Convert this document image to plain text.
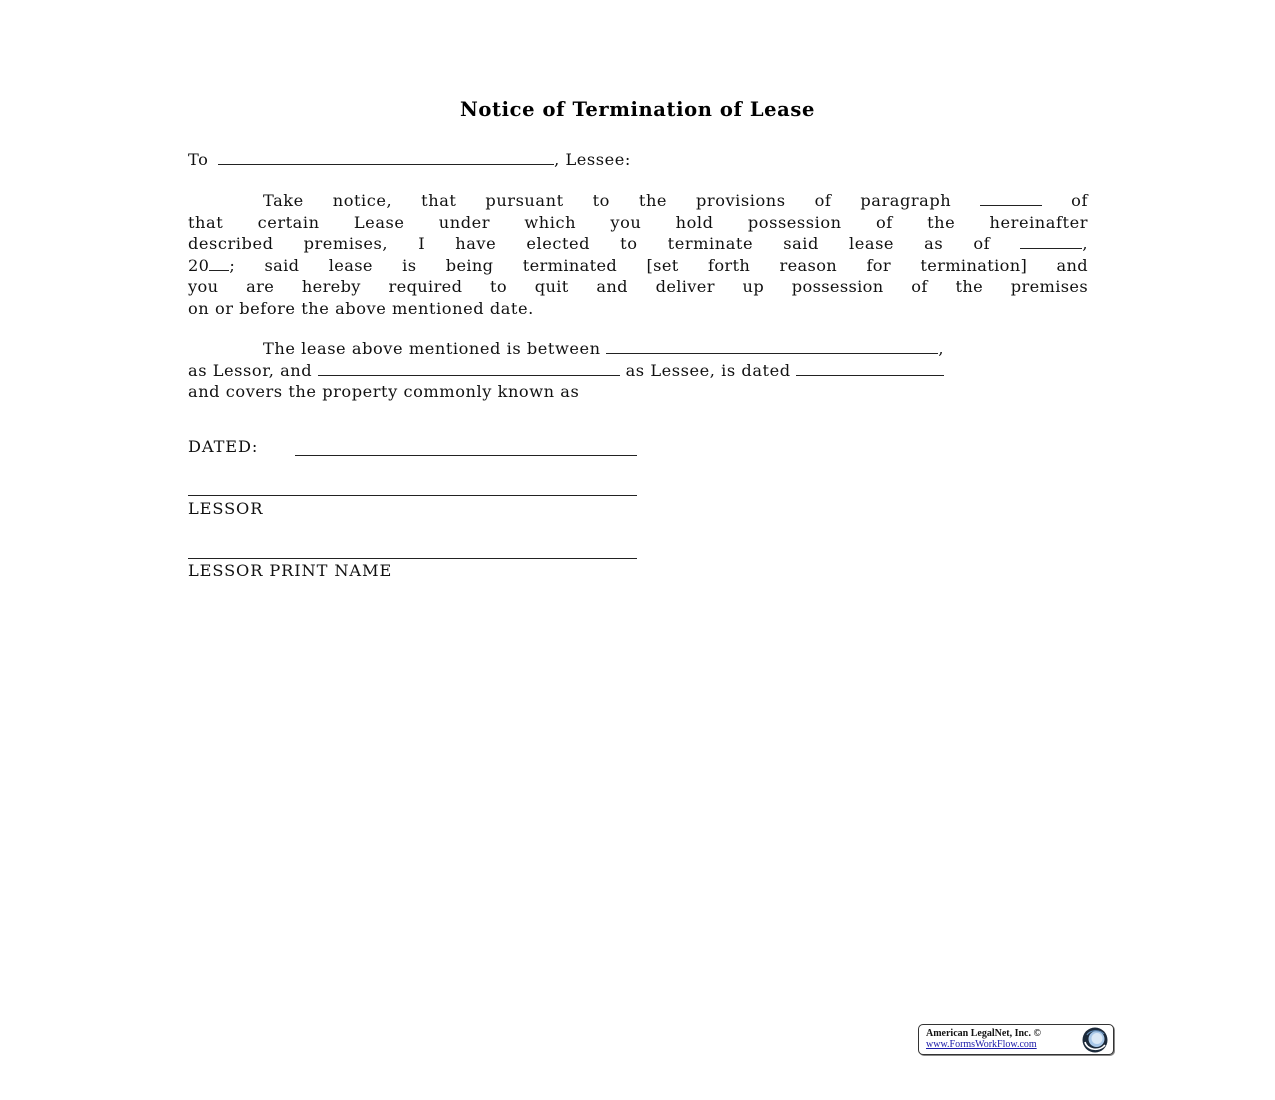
Notice of Termination of Lease
To	, Lessee:
Take notice, that pursuant to the provisions of paragraph	of
that certain Lease under which you hold possession of the hereinafter
described premises, I have elected to terminate said lease as of	,
20 ; said lease is being terminated [set forth reason for termination] and
you are hereby required to quit and deliver up possession of the premises
on or before the above mentioned date.
The lease above mentioned is between	,
as Lessor, and	as Lessee, is dated
and covers the property commonly known as
DATED:
LESSOR
LESSOR PRINT NAME
American LegalNet, Inc. ©
www.FormsWorkFlow.com
